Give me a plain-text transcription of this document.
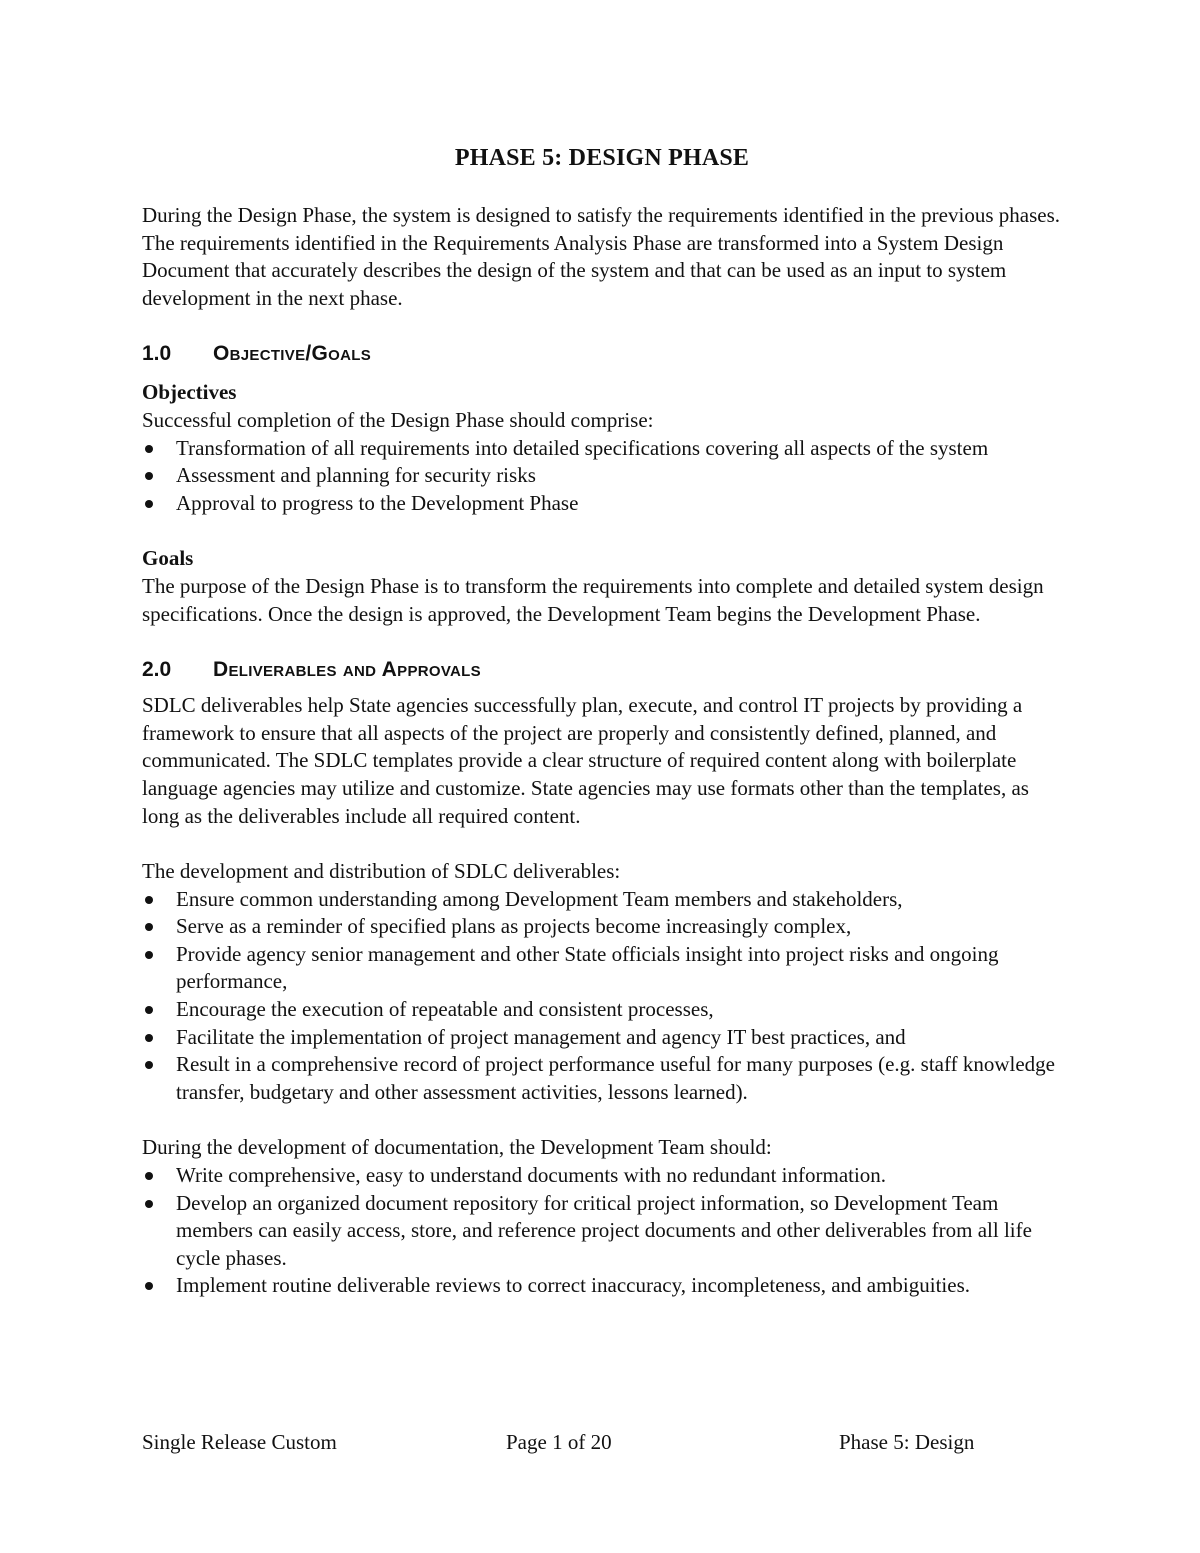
PHASE 5: DESIGN PHASE

During the Design Phase, the system is designed to satisfy the requirements identified in the previous phases. The requirements identified in the Requirements Analysis Phase are transformed into a System Design Document that accurately describes the design of the system and that can be used as an input to system development in the next phase.

1.0	Objective/Goals
Objectives

Successful completion of the Design Phase should comprise:

Transformation of all requirements into detailed specifications covering all aspects of the system
Assessment and planning for security risks
Approval to progress to the Development Phase
Goals

The purpose of the Design Phase is to transform the requirements into complete and detailed system design specifications. Once the design is approved, the Development Team begins the Development Phase.

2.0	Deliverables and Approvals

SDLC deliverables help State agencies successfully plan, execute, and control IT projects by providing a framework to ensure that all aspects of the project are properly and consistently defined, planned, and communicated. The SDLC templates provide a clear structure of required content along with boilerplate language agencies may utilize and customize. State agencies may use formats other than the templates, as long as the deliverables include all required content.

The development and distribution of SDLC deliverables:

Ensure common understanding among Development Team members and stakeholders,
Serve as a reminder of specified plans as projects become increasingly complex,
Provide agency senior management and other State officials insight into project risks and ongoing performance,
Encourage the execution of repeatable and consistent processes,
Facilitate the implementation of project management and agency IT best practices, and
Result in a comprehensive record of project performance useful for many purposes (e.g. staff knowledge transfer, budgetary and other assessment activities, lessons learned).

During the development of documentation, the Development Team should:

Write comprehensive, easy to understand documents with no redundant information.
Develop an organized document repository for critical project information, so Development Team members can easily access, store, and reference project documents and other deliverables from all life cycle phases.
Implement routine deliverable reviews to correct inaccuracy, incompleteness, and ambiguities.
Single Release Custom	Page 1 of 20	Phase 5: Design
